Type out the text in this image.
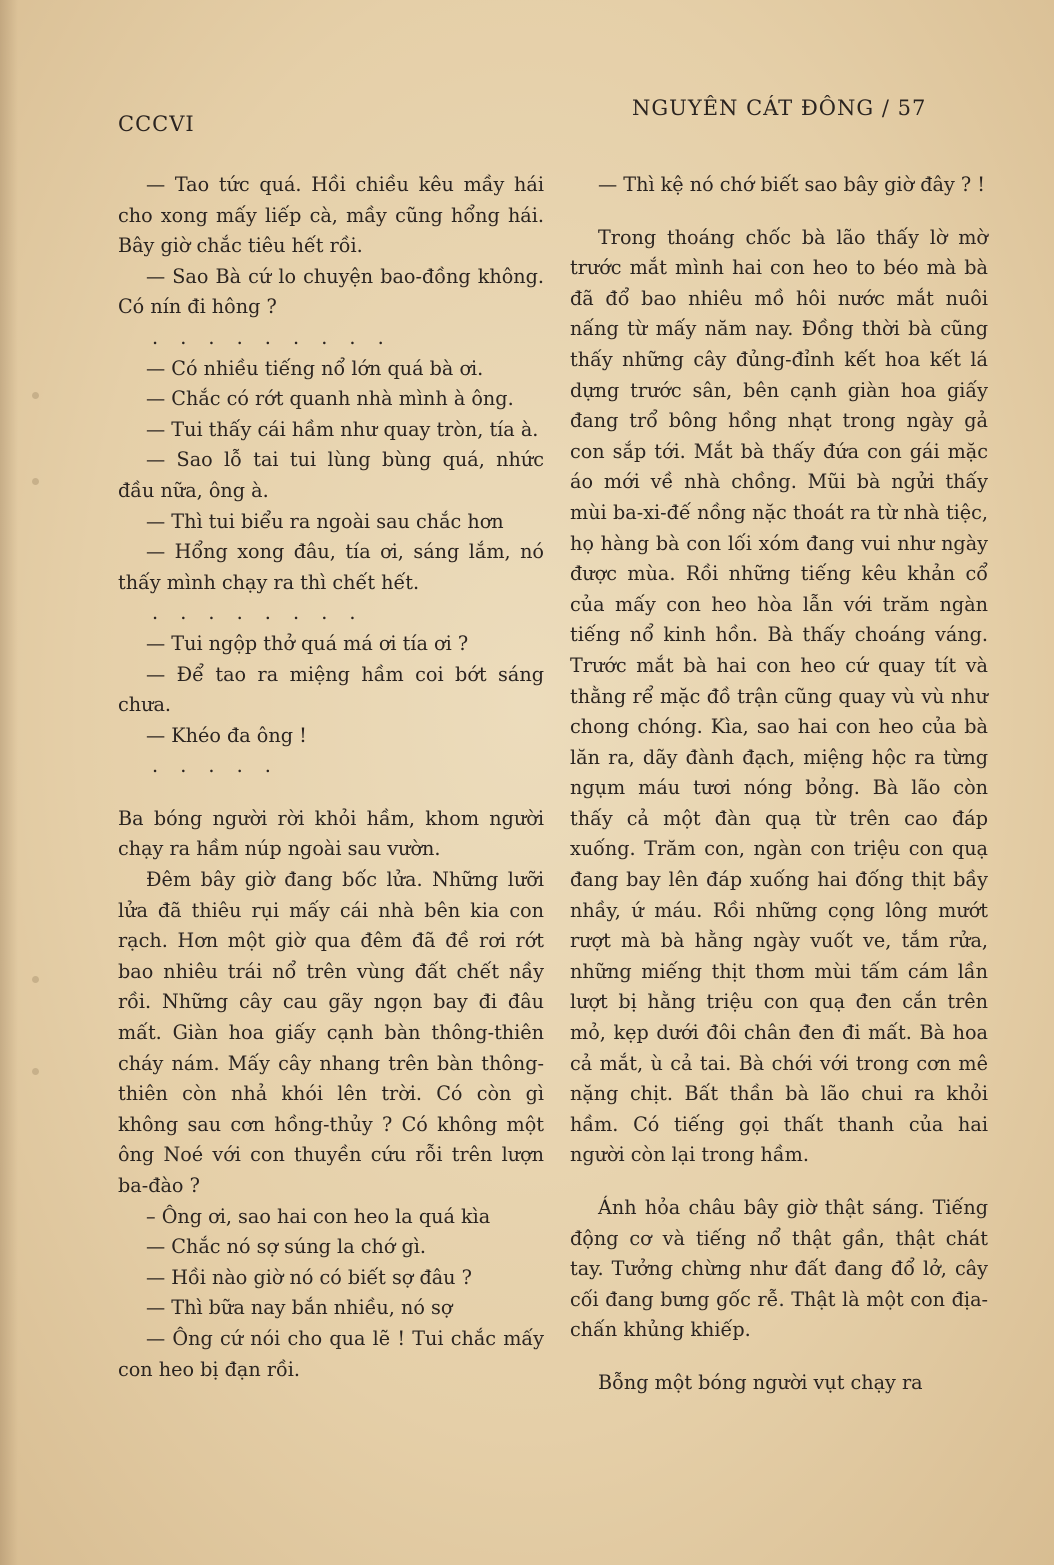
CCCVI
NGUYÊN CÁT ĐÔNG / 57

— Tao tức quá. Hồi chiều kêu mầy hái cho xong mấy liếp cà, mầy cũng hổng hái. Bây giờ chắc tiêu hết rồi.

— Sao Bà cứ lo chuyện bao-đồng không. Có nín đi hông ?

. . . . . . . . .

— Có nhiều tiếng nổ lớn quá bà ơi.

— Chắc có rớt quanh nhà mình à ông.

— Tui thấy cái hầm như quay tròn, tía à.

— Sao lỗ tai tui lùng bùng quá, nhức đầu nữa, ông à.

— Thì tui biểu ra ngoài sau chắc hơn

— Hổng xong đâu, tía ơi, sáng lắm, nó thấy mình chạy ra thì chết hết.

. . . . . . . .

— Tui ngộp thở quá má ơi tía ơi ?

— Để tao ra miệng hầm coi bớt sáng chưa.

— Khéo đa ông !

. . . . .

Ba bóng người rời khỏi hầm, khom người chạy ra hầm núp ngoài sau vườn.

Đêm bây giờ đang bốc lửa. Những lưỡi lửa đã thiêu rụi mấy cái nhà bên kia con rạch. Hơn một giờ qua đêm đã đề rơi rớt bao nhiêu trái nổ trên vùng đất chết nầy rồi. Những cây cau gãy ngọn bay đi đâu mất. Giàn hoa giấy cạnh bàn thông-thiên cháy nám. Mấy cây nhang trên bàn thông-thiên còn nhả khói lên trời. Có còn gì không sau cơn hồng-thủy ? Có không một ông Noé với con thuyền cứu rỗi trên lượn ba-đào ?

– Ông ơi, sao hai con heo la quá kìa

— Chắc nó sợ súng la chớ gì.

— Hồi nào giờ nó có biết sợ đâu ?

— Thì bữa nay bắn nhiều, nó sợ

— Ông cứ nói cho qua lẽ ! Tui chắc mấy con heo bị đạn rồi.

— Thì kệ nó chớ biết sao bây giờ đây ? !

Trong thoáng chốc bà lão thấy lờ mờ trước mắt mình hai con heo to béo mà bà đã đổ bao nhiêu mồ hôi nước mắt nuôi nấng từ mấy năm nay. Đồng thời bà cũng thấy những cây đủng-đỉnh kết hoa kết lá dựng trước sân, bên cạnh giàn hoa giấy đang trổ bông hồng nhạt trong ngày gả con sắp tới. Mắt bà thấy đứa con gái mặc áo mới về nhà chồng. Mũi bà ngửi thấy mùi ba-xi-đế nồng nặc thoát ra từ nhà tiệc, họ hàng bà con lối xóm đang vui như ngày được mùa. Rồi những tiếng kêu khản cổ của mấy con heo hòa lẫn với trăm ngàn tiếng nổ kinh hồn. Bà thấy choáng váng. Trước mắt bà hai con heo cứ quay tít và thằng rể mặc đồ trận cũng quay vù vù như chong chóng. Kìa, sao hai con heo của bà lăn ra, dãy đành đạch, miệng hộc ra từng ngụm máu tươi nóng bỏng. Bà lão còn thấy cả một đàn quạ từ trên cao đáp xuống. Trăm con, ngàn con triệu con quạ đang bay lên đáp xuống hai đống thịt bầy nhầy, ứ máu. Rồi những cọng lông mướt rượt mà bà hằng ngày vuốt ve, tắm rửa, những miếng thịt thơm mùi tấm cám lần lượt bị hằng triệu con quạ đen cắn trên mỏ, kẹp dưới đôi chân đen đi mất. Bà hoa cả mắt, ù cả tai. Bà chới với trong cơn mê nặng chịt. Bất thần bà lão chui ra khỏi hầm. Có tiếng gọi thất thanh của hai người còn lại trong hầm.

Ánh hỏa châu bây giờ thật sáng. Tiếng động cơ và tiếng nổ thật gần, thật chát tay. Tưởng chừng như đất đang đổ lở, cây cối đang bưng gốc rễ. Thật là một con địa-chấn khủng khiếp.

Bỗng một bóng người vụt chạy ra
